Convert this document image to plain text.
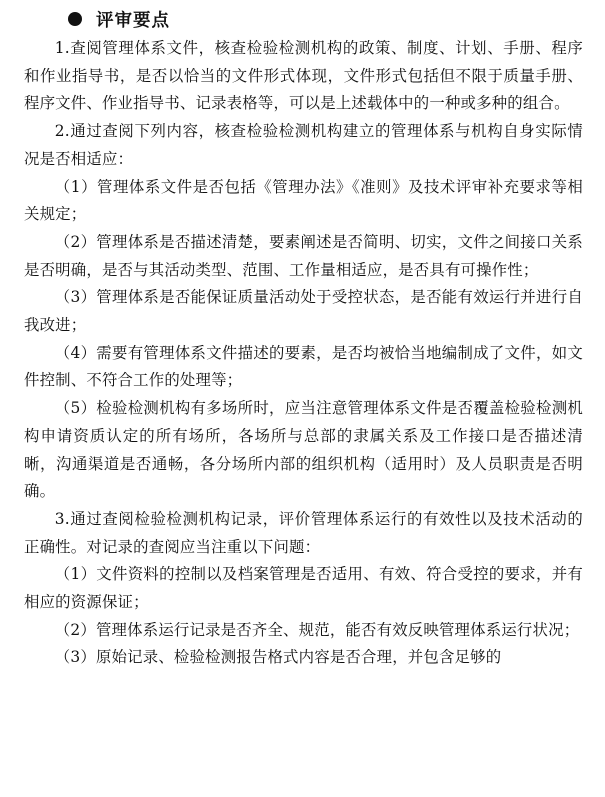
评审要点

1.查阅管理体系文件，核查检验检测机构的政策、制度、计划、手册、程序和作业指导书，是否以恰当的文件形式体现，文件形式包括但不限于质量手册、程序文件、作业指导书、记录表格等，可以是上述载体中的一种或多种的组合。

2.通过查阅下列内容，核查检验检测机构建立的管理体系与机构自身实际情况是否相适应：

（1）管理体系文件是否包括《管理办法》《准则》及技术评审补充要求等相关规定；

（2）管理体系是否描述清楚，要素阐述是否简明、切实，文件之间接口关系是否明确，是否与其活动类型、范围、工作量相适应，是否具有可操作性；

（3）管理体系是否能保证质量活动处于受控状态，是否能有效运行并进行自我改进；

（4）需要有管理体系文件描述的要素，是否均被恰当地编制成了文件，如文件控制、不符合工作的处理等；

（5）检验检测机构有多场所时，应当注意管理体系文件是否覆盖检验检测机构申请资质认定的所有场所，各场所与总部的隶属关系及工作接口是否描述清晰，沟通渠道是否通畅，各分场所内部的组织机构（适用时）及人员职责是否明确。

3.通过查阅检验检测机构记录，评价管理体系运行的有效性以及技术活动的正确性。对记录的查阅应当注重以下问题：

（1）文件资料的控制以及档案管理是否适用、有效、符合受控的要求，并有相应的资源保证；

（2）管理体系运行记录是否齐全、规范，能否有效反映管理体系运行状况；

（3）原始记录、检验检测报告格式内容是否合理，并包含足够的
